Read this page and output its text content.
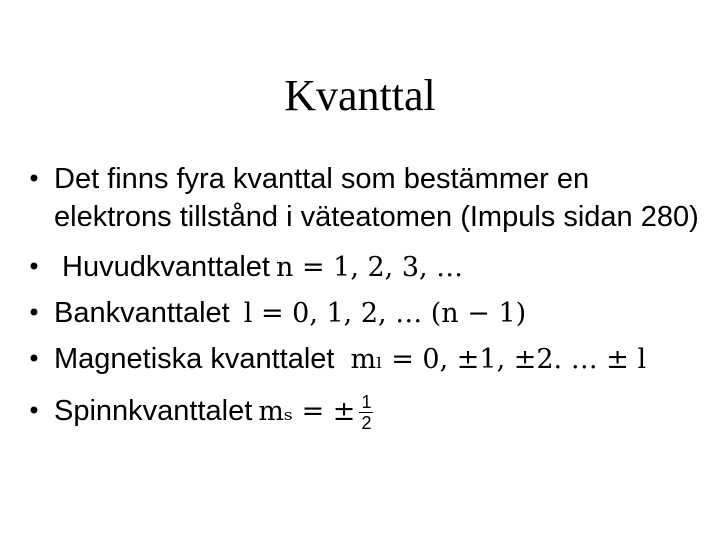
Kvanttal
• Det finns fyra kvanttal som bestämmer en
elektrons tillstånd i väteatomen (Impuls sidan 280)
• Huvudkvanttalet n = 1, 2, 3, …
• Bankvanttalet l = 0, 1, 2, … (n − 1)
• Magnetiska kvanttalet mₗ = 0, ±1, ±2. … ± l
• Spinnkvanttalet mₛ = ± $\frac{1}{2}$
